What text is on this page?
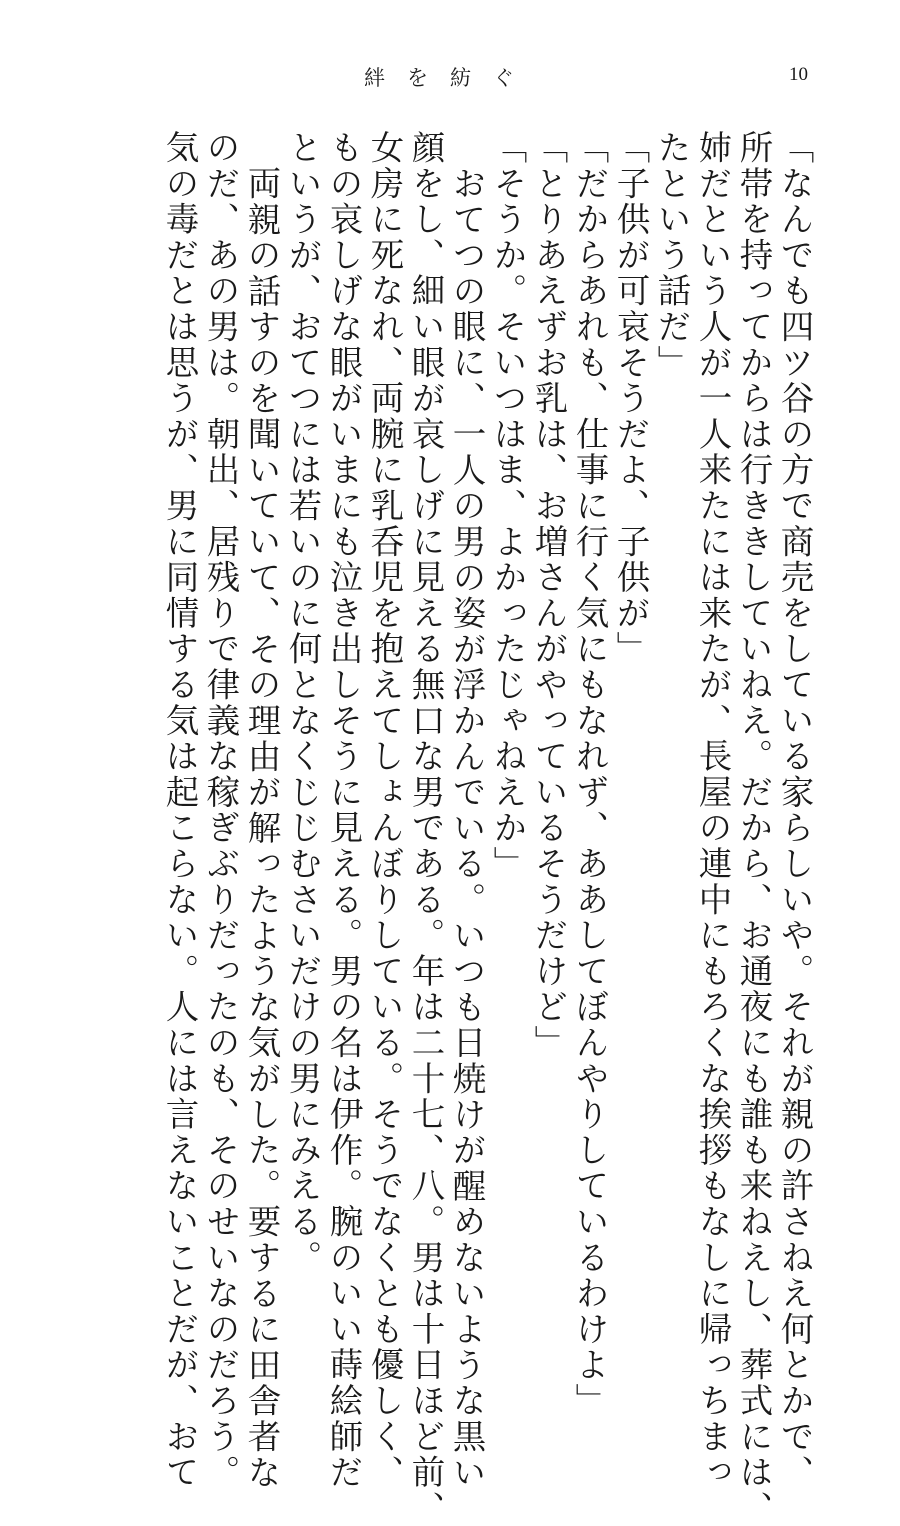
絆を紡ぐ	10
「なんでも四ツ谷の方で商売をしている家らしいや。それが親の許さねえ何とかで、
所帯を持ってからは行ききしていねえ。だから、お通夜にも誰も来ねえし、葬式には、
姉だという人が一人来たには来たが、長屋の連中にもろくな挨拶もなしに帰っちまっ
たという話だ」
「子供が可哀そうだよ、子供が」
「だからあれも、仕事に行く気にもなれず、ああしてぼんやりしているわけよ」
「とりあえずお乳は、お増さんがやっているそうだけど」
「そうか。そいつはま、よかったじゃねえか」
おてつの眼に、一人の男の姿が浮かんでいる。いつも日焼けが醒めないような黒い
顔をし、細い眼が哀しげに見える無口な男である。年は二十七、八。男は十日ほど前、
女房に死なれ、両腕に乳呑児を抱えてしょんぼりしている。そうでなくとも優しく、
もの哀しげな眼がいまにも泣き出しそうに見える。男の名は伊作。腕のいい蒔絵師だ
というが、おてつには若いのに何となくじじむさいだけの男にみえる。
両親の話すのを聞いていて、その理由が解ったような気がした。要するに田舎者な
のだ、あの男は。朝出、居残りで律義な稼ぎぶりだったのも、そのせいなのだろう。
気の毒だとは思うが、男に同情する気は起こらない。人には言えないことだが、おて
